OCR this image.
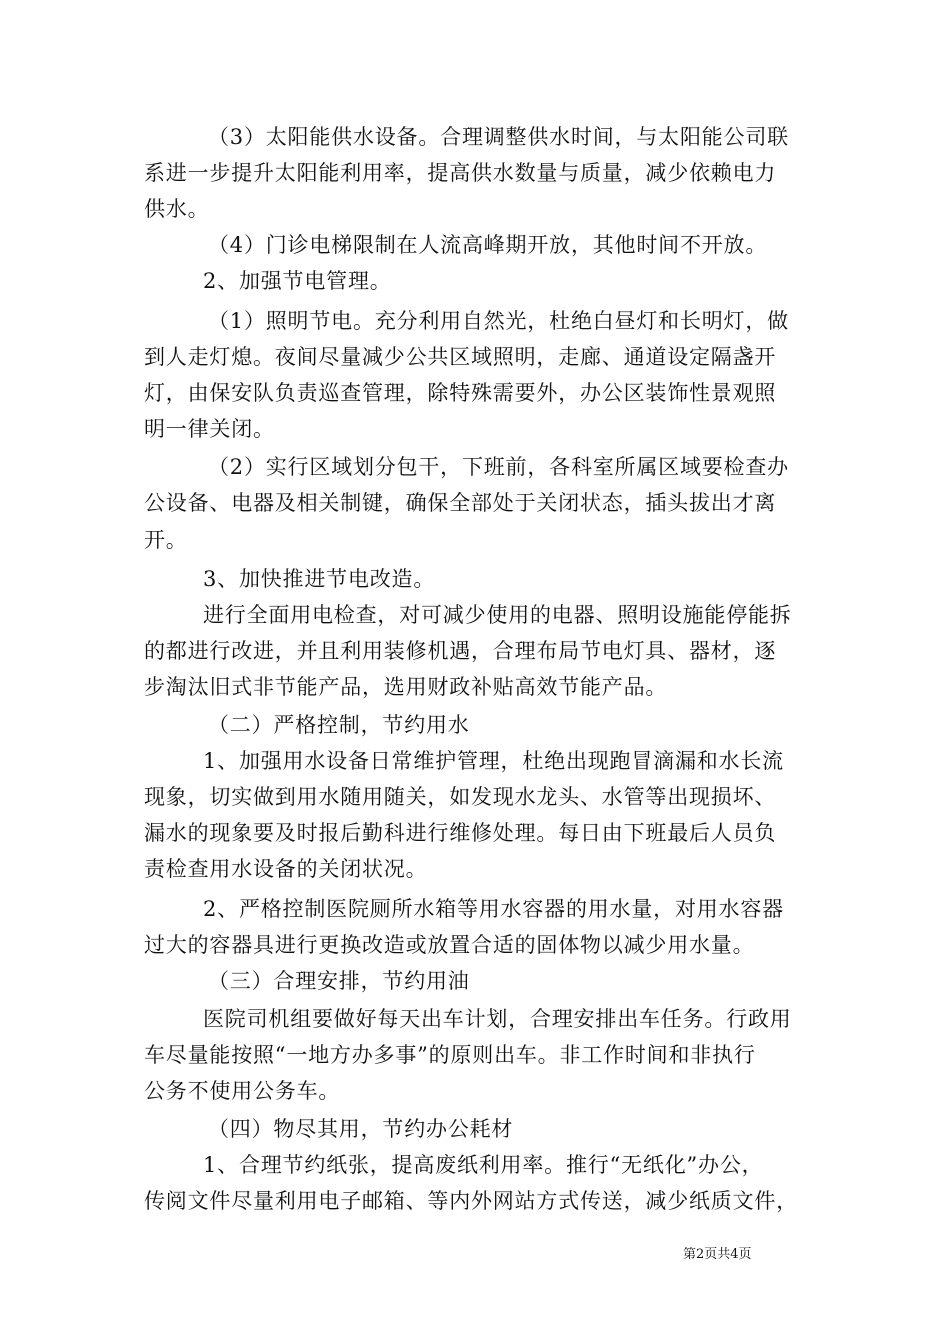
（3）太阳能供水设备。合理调整供水时间，与太阳能公司联
系进一步提升太阳能利用率，提高供水数量与质量，减少依赖电力
供水。
（4）门诊电梯限制在人流高峰期开放，其他时间不开放。
2、加强节电管理。
（1）照明节电。充分利用自然光，杜绝白昼灯和长明灯，做
到人走灯熄。夜间尽量减少公共区域照明，走廊、通道设定隔盏开
灯，由保安队负责巡查管理，除特殊需要外，办公区装饰性景观照
明一律关闭。
（2）实行区域划分包干，下班前，各科室所属区域要检查办
公设备、电器及相关制键，确保全部处于关闭状态，插头拔出才离
开。
3、加快推进节电改造。
进行全面用电检查，对可减少使用的电器、照明设施能停能拆
的都进行改进，并且利用装修机遇，合理布局节电灯具、器材，逐
步淘汰旧式非节能产品，选用财政补贴高效节能产品。
（二）严格控制，节约用水
1、加强用水设备日常维护管理，杜绝出现跑冒滴漏和水长流
现象，切实做到用水随用随关，如发现水龙头、水管等出现损坏、
漏水的现象要及时报后勤科进行维修处理。每日由下班最后人员负
责检查用水设备的关闭状况。
2、严格控制医院厕所水箱等用水容器的用水量，对用水容器
过大的容器具进行更换改造或放置合适的固体物以减少用水量。
（三）合理安排，节约用油
医院司机组要做好每天出车计划，合理安排出车任务。行政用
车尽量能按照“一地方办多事”的原则出车。非工作时间和非执行
公务不使用公务车。
（四）物尽其用，节约办公耗材
1、合理节约纸张，提高废纸利用率。推行“无纸化”办公，
传阅文件尽量利用电子邮箱、等内外网站方式传送，减少纸质文件，
第2页共4页
